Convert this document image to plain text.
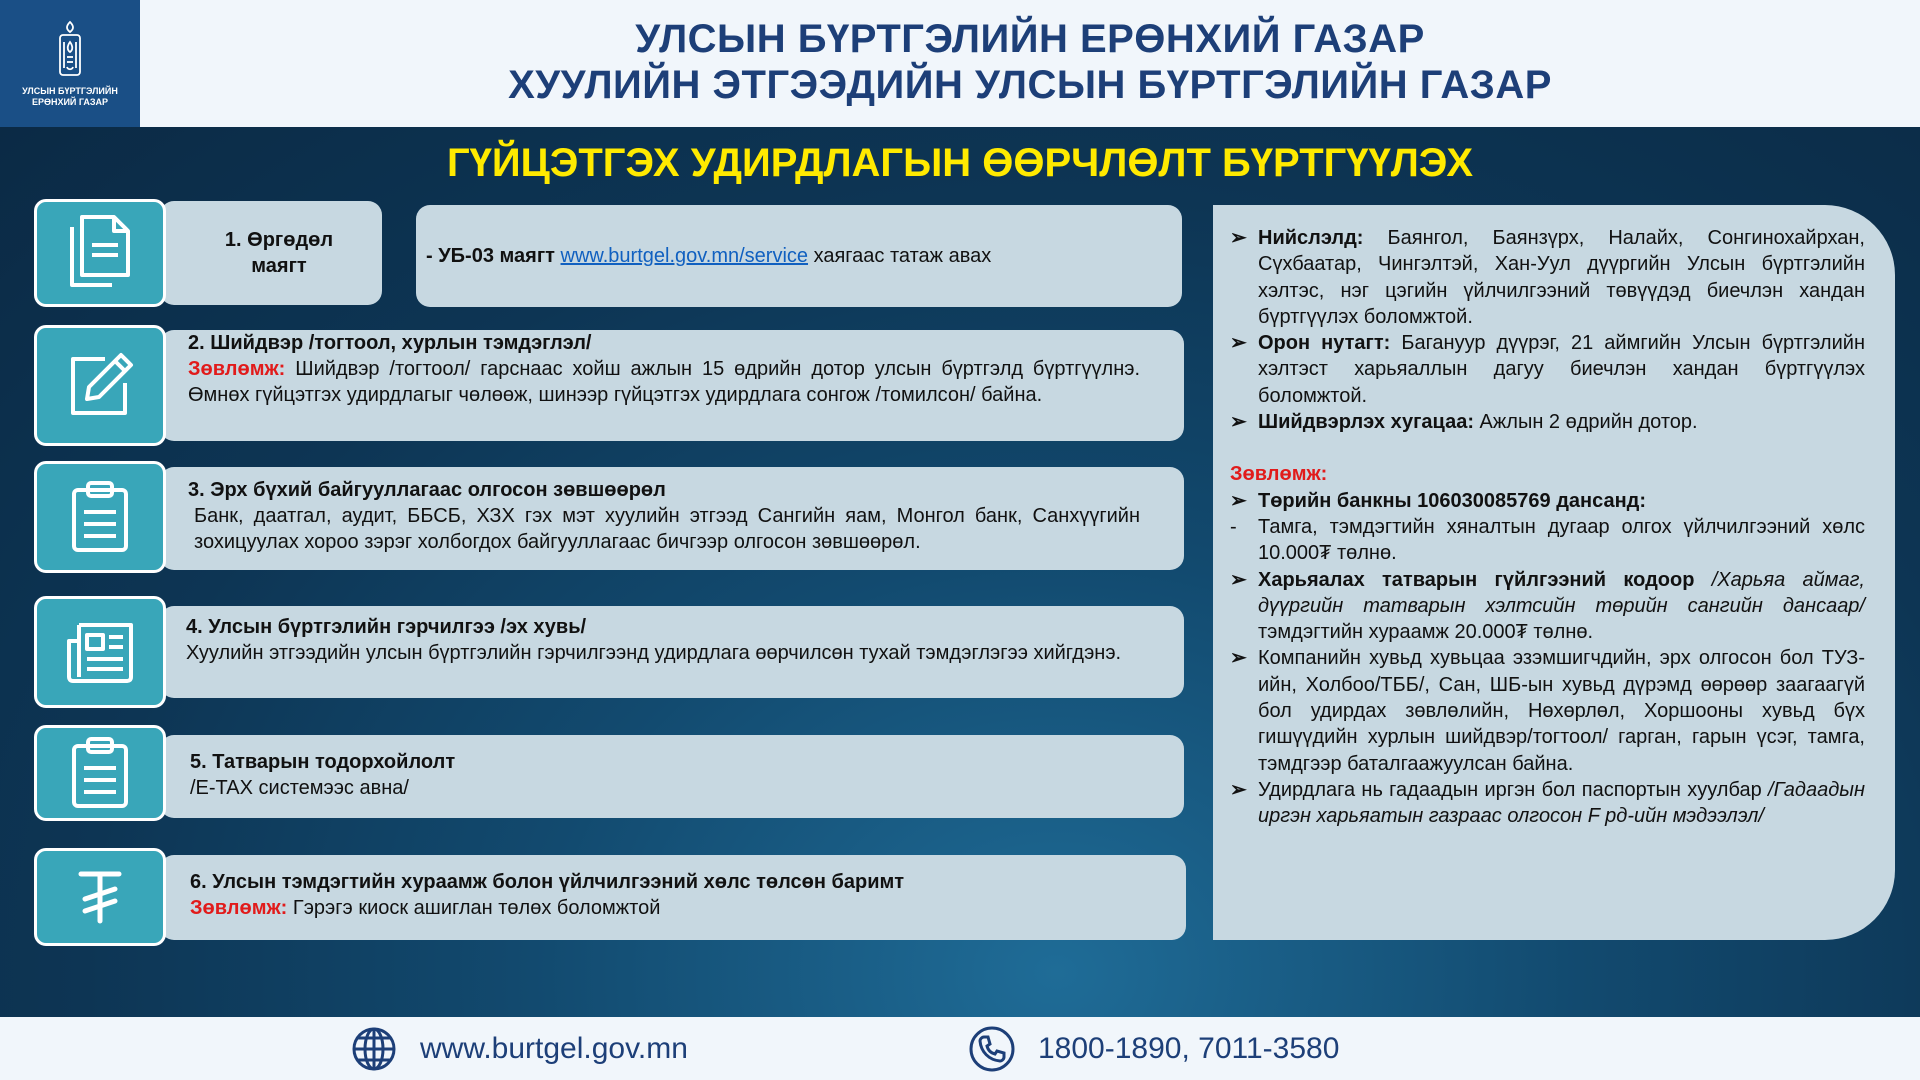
УЛСЫН БҮРТГЭЛИЙН
ЕРӨНХИЙ ГАЗАР
УЛСЫН БҮРТГЭЛИЙН ЕРӨНХИЙ ГАЗАР
ХУУЛИЙН ЭТГЭЭДИЙН УЛСЫН БҮРТГЭЛИЙН ГАЗАР
ГҮЙЦЭТГЭХ УДИРДЛАГЫН ӨӨРЧЛӨЛТ БҮРТГҮҮЛЭХ
1. Өргөдөл маягт	- УБ-03 маягт www.burtgel.gov.mn/service хаягаас татаж авах
2. Шийдвэр /тогтоол, хурлын тэмдэглэл/
Зөвлөмж: Шийдвэр /тогтоол/ гарснаас хойш ажлын 15 өдрийн дотор улсын бүртгэлд бүртгүүлнэ. Өмнөх гүйцэтгэх удирдлагыг чөлөөж, шинээр гүйцэтгэх удирдлага сонгож /томилсон/ байна.
3. Эрх бүхий байгууллагаас олгосон зөвшөөрөл
Банк, даатгал, аудит, ББСБ, ХЗХ гэх мэт хуулийн этгээд Сангийн яам, Монгол банк, Санхүүгийн зохицуулах хороо зэрэг холбогдох байгууллагаас бичгээр олгосон зөвшөөрөл.
4. Улсын бүртгэлийн гэрчилгээ /эх хувь/
Хуулийн этгээдийн улсын бүртгэлийн гэрчилгээнд удирдлага өөрчилсөн тухай тэмдэглэгээ хийгдэнэ.
5. Татварын тодорхойлолт
/E-TAX системээс авна/
6. Улсын тэмдэгтийн хураамж болон үйлчилгээний хөлс төлсөн баримт
Зөвлөмж: Гэрэгэ киоск ашиглан төлөх боломжтой
➢ Нийслэлд: Баянгол, Баянзүрх, Налайх, Сонгинохайрхан, Сүхбаатар, Чингэлтэй, Хан-Уул дүүргийн Улсын бүртгэлийн хэлтэс, нэг цэгийн үйлчилгээний төвүүдэд биечлэн хандан бүртгүүлэх боломжтой.
➢ Орон нутагт: Багануур дүүрэг, 21 аймгийн Улсын бүртгэлийн хэлтэст харьяаллын дагуу биечлэн хандан бүртгүүлэх боломжтой.
➢ Шийдвэрлэх хугацаа: Ажлын 2 өдрийн дотор.
Зөвлөмж:
➢ Төрийн банкны 106030085769 дансанд:
-	Тамга, тэмдэгтийн хяналтын дугаар олгох үйлчилгээний хөлс 10.000₮ төлнө.
➢ Харьяалах татварын гүйлгээний кодоор /Харьяа аймаг, дүүргийн татварын хэлтсийн төрийн сангийн дансаар/ тэмдэгтийн хураамж 20.000₮ төлнө.
➢ Компанийн хувьд хувьцаа эзэмшигчдийн, эрх олгосон бол ТУЗ-ийн, Холбоо/ТББ/, Сан, ШБ-ын хувьд дүрэмд өөрөөр заагаагүй бол удирдах зөвлөлийн, Нөхөрлөл, Хоршооны хувьд бүх гишүүдийн хурлын шийдвэр/тогтоол/ гарган, гарын үсэг, тамга, тэмдгээр баталгаажуулсан байна.
➢ Удирдлага нь гадаадын иргэн бол паспортын хуулбар /Гадаадын иргэн харьяатын газраас олгосон F рд-ийн мэдээлэл/
www.burtgel.gov.mn	1800-1890, 7011-3580
